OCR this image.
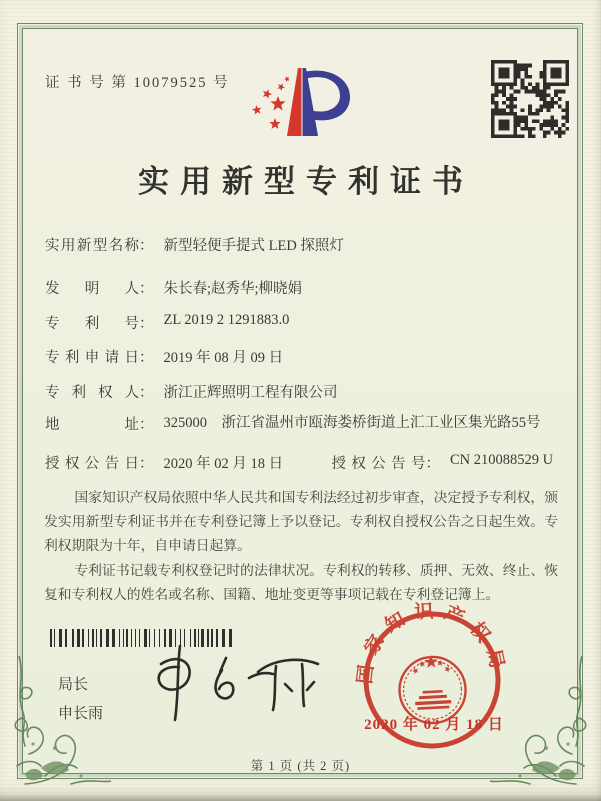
证 书 号 第 10079525 号
实用新型专利证书
实用新型名称 ： 新型轻便手提式 LED 探照灯
发明人 ： 朱长春;赵秀华;柳晓娟
专利号 ： ZL 2019 2 1291883.0
专利申请日 ： 2019 年 08 月 09 日
专利权人 ： 浙江正辉照明工程有限公司
地址 ： 325000　浙江省温州市瓯海娄桥街道上汇工业区集光路55号
授权公告日 ： 2020 年 02 月 18 日	授权公告号 ： CN 210088529 U

国家知识产权局依照中华人民共和国专利法经过初步审查，决定授予专利权，颁发实用新型专利证书并在专利登记簿上予以登记。专利权自授权公告之日起生效。专利权期限为十年，自申请日起算。

专利证书记载专利权登记时的法律状况。专利权的转移、质押、无效、终止、恢复和专利权人的姓名或名称、国籍、地址变更等事项记载在专利登记簿上。

局长
申长雨
国家知识产权局
2020 年 02 月 18 日
第 1 页 (共 2 页)
